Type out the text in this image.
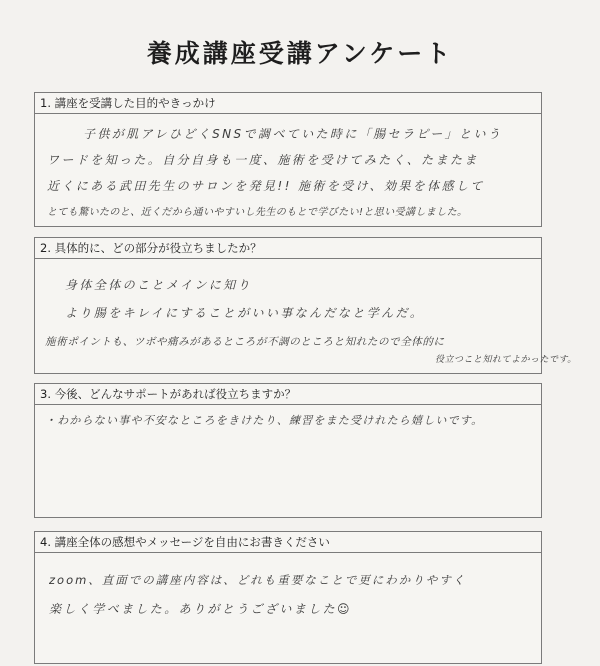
養成講座受講アンケート
1. 講座を受講した目的やきっかけ
子供が肌アレひどくSNSで調べていた時に「腸セラピー」という
ワードを知った。自分自身も一度、施術を受けてみたく、たまたま
近くにある武田先生のサロンを発見!! 施術を受け、効果を体感して
とても驚いたのと、近くだから通いやすいし先生のもとで学びたい!と思い受講しました。
2. 具体的に、どの部分が役立ちましたか？
身体全体のことメインに知り
より腸をキレイにすることがいい事なんだなと学んだ。
施術ポイントも、ツボや痛みがあるところが不調のところと知れたので全体的に
役立つこと知れてよかったです。
3. 今後、どんなサポートがあれば役立ちますか？
・わからない事や不安なところをきけたり、練習をまた受けれたら嬉しいです。
4. 講座全体の感想やメッセージを自由にお書きください
zoom、直面での講座内容は、どれも重要なことで更にわかりやすく
楽しく学べました。ありがとうございました☺
